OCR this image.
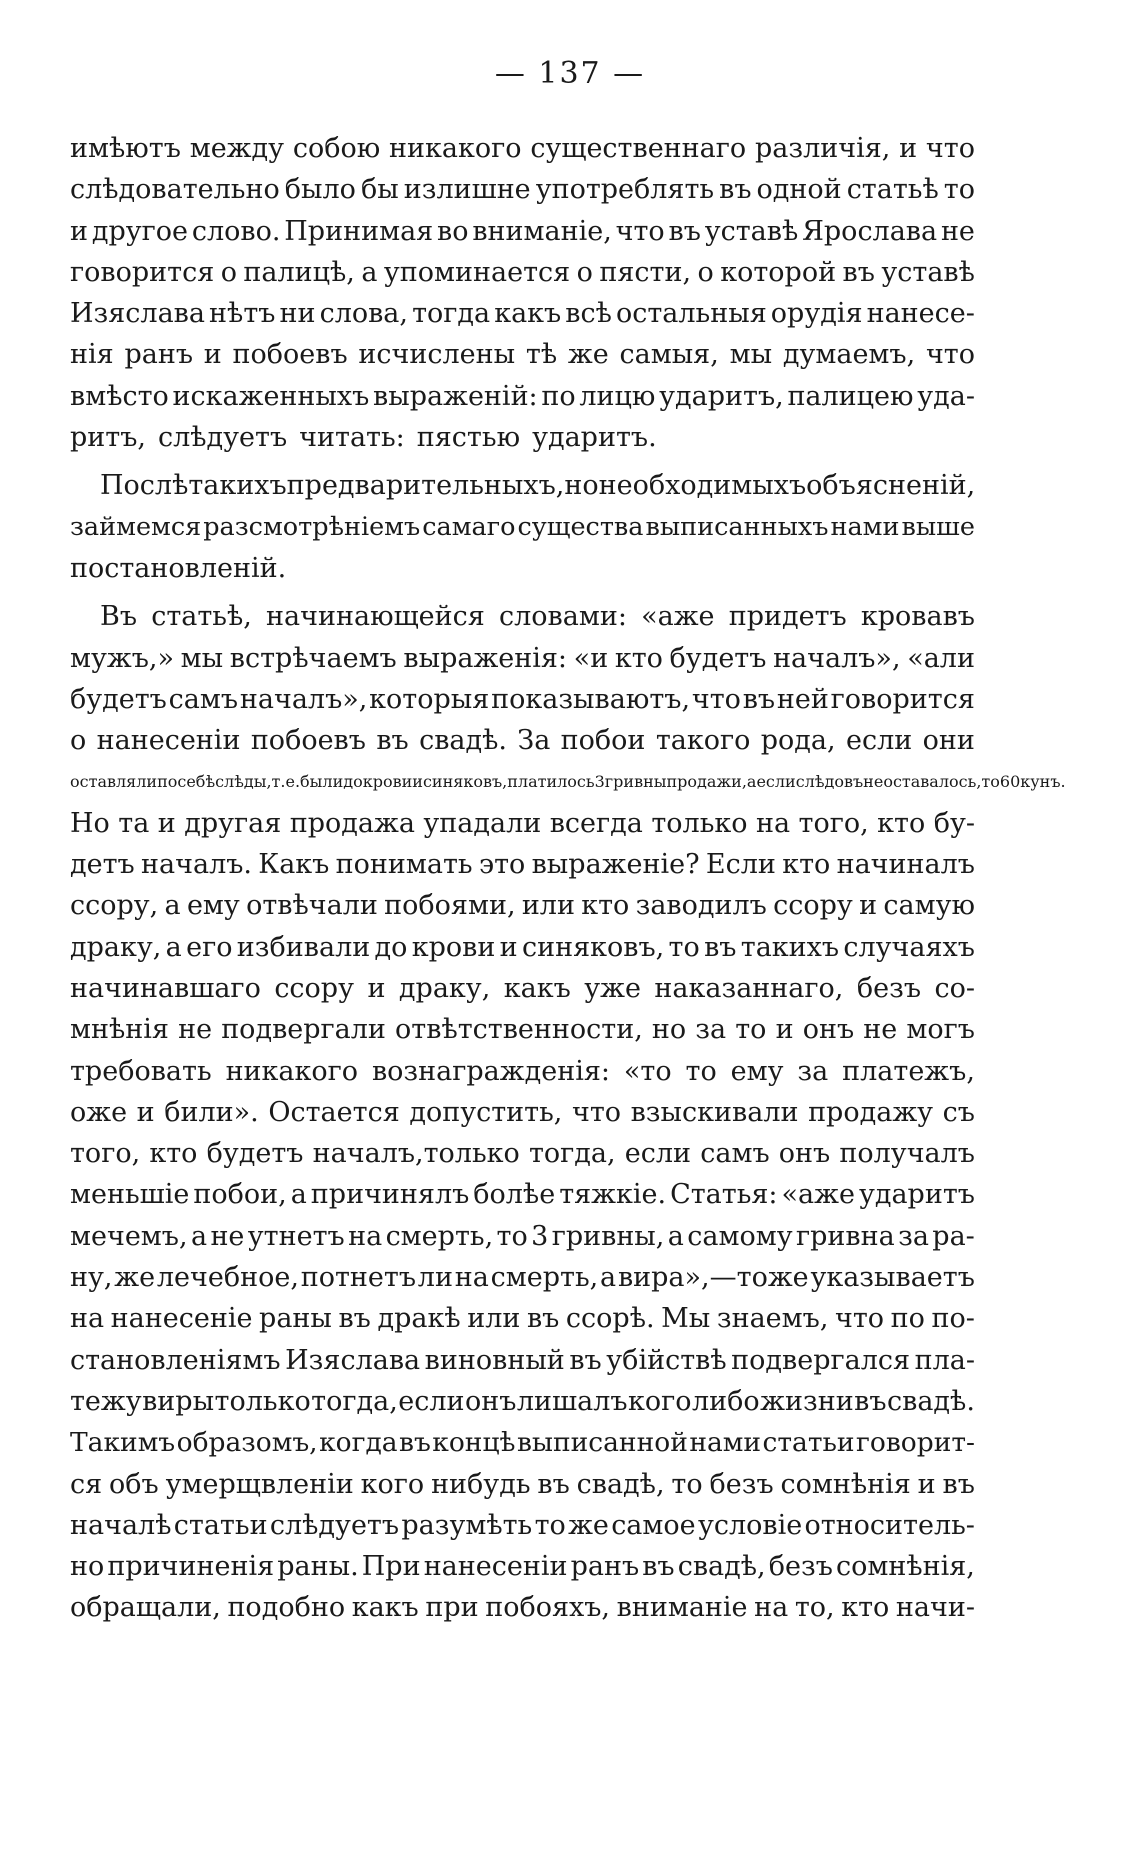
— 137 —
имѣютъ между собою никакого существеннаго различія, и что
слѣдовательно было бы излишне употреблять въ одной статьѣ то
и другое слово. Принимая во вниманіе, что въ уставѣ Ярослава не
говорится о палицѣ, а упоминается о пясти, о которой въ уставѣ
Изяслава нѣтъ ни слова, тогда какъ всѣ остальныя орудія нанесе-
нія ранъ и побоевъ исчислены тѣ же самыя, мы думаемъ, что
вмѣсто искаженныхъ выраженій: по лицю ударитъ, палицею уда-
ритъ, слѣдуетъ читать: пястью ударитъ.
Послѣ такихъ предварительныхъ, но необходимыхъ объясненій,
займемся разсмотрѣніемъ самаго существа выписанныхъ нами выше
постановленій.
Въ статьѣ, начинающейся словами: «аже придетъ кровавъ
мужъ,» мы встрѣчаемъ выраженія: «и кто будетъ началъ», «али
будетъ самъ началъ», которыя показываютъ, что въ ней говорится
о нанесеніи побоевъ въ свадѣ. За побои такого рода, если они
оставляли по себѣ слѣды, т. е. были до крови и синяковъ, платилось 3 гривны продажи, а если слѣдовъ не оставалось, то 60 кунъ.
Но та и другая продажа упадали всегда только на того, кто бу-
детъ началъ. Какъ понимать это выраженіе? Если кто начиналъ
ссору, а ему отвѣчали побоями, или кто заводилъ ссору и самую
драку, а его избивали до крови и синяковъ, то въ такихъ случаяхъ
начинавшаго ссору и драку, какъ уже наказаннаго, безъ со-
мнѣнія не подвергали отвѣтственности, но за то и онъ не могъ
требовать никакого вознагражденія: «то то ему за платежъ,
оже и били». Остается допустить, что взыскивали продажу съ
того, кто будетъ началъ,только тогда, если самъ онъ получалъ
меньшіе побои, а причинялъ болѣе тяжкіе. Статья: «аже ударитъ
мечемъ, а не утнетъ на смерть, то 3 гривны, а самому гривна за ра-
ну, же лечебное, потнетъ ли на смерть, а вира»,—тоже указываетъ
на нанесеніе раны въ дракѣ или въ ссорѣ. Мы знаемъ, что по по-
становленіямъ Изяслава виновный въ убійствѣ подвергался пла-
тежу виры только тогда, если онъ лишалъ кого либо жизни въ свадѣ.
Такимъ образомъ, когда въ концѣ выписанной нами статьи говорит-
ся объ умерщвленіи кого нибудь въ свадѣ, то безъ сомнѣнія и въ
началѣ статьи слѣдуетъ разумѣть то же самое условіе относитель-
но причиненія раны. При нанесеніи ранъ въ свадѣ, безъ сомнѣнія,
обращали, подобно какъ при побояхъ, вниманіе на то, кто начи-
